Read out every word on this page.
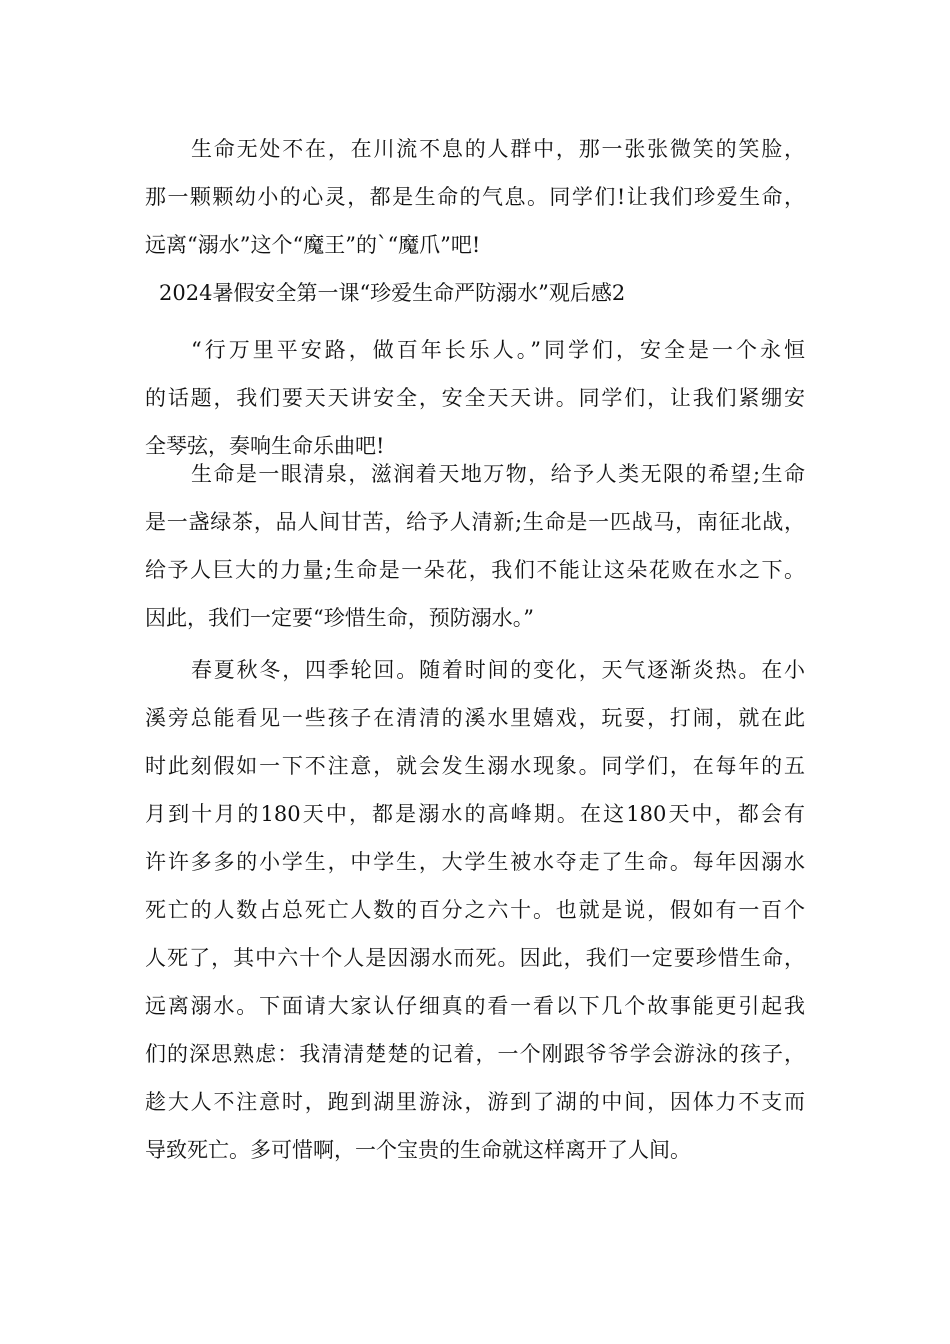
生命无处不在，在川流不息的人群中，那一张张微笑的笑脸，
那一颗颗幼小的心灵，都是生命的气息。同学们!让我们珍爱生命，
远离“溺水”这个“魔王”的`“魔爪”吧!
2024暑假安全第一课“珍爱生命严防溺水”观后感2
“行万里平安路，做百年长乐人。”同学们，安全是一个永恒
的话题，我们要天天讲安全，安全天天讲。同学们，让我们紧绷安
全琴弦，奏响生命乐曲吧!
生命是一眼清泉，滋润着天地万物，给予人类无限的希望;生命
是一盏绿茶，品人间甘苦，给予人清新;生命是一匹战马，南征北战，
给予人巨大的力量;生命是一朵花，我们不能让这朵花败在水之下。
因此，我们一定要“珍惜生命，预防溺水。”
春夏秋冬，四季轮回。随着时间的变化，天气逐渐炎热。在小
溪旁总能看见一些孩子在清清的溪水里嬉戏，玩耍，打闹，就在此
时此刻假如一下不注意，就会发生溺水现象。同学们，在每年的五
月到十月的180天中，都是溺水的高峰期。在这180天中，都会有
许许多多的小学生，中学生，大学生被水夺走了生命。每年因溺水
死亡的人数占总死亡人数的百分之六十。也就是说，假如有一百个
人死了，其中六十个人是因溺水而死。因此，我们一定要珍惜生命，
远离溺水。下面请大家认仔细真的看一看以下几个故事能更引起我
们的深思熟虑：我清清楚楚的记着，一个刚跟爷爷学会游泳的孩子，
趁大人不注意时，跑到湖里游泳，游到了湖的中间，因体力不支而
导致死亡。多可惜啊，一个宝贵的生命就这样离开了人间。
